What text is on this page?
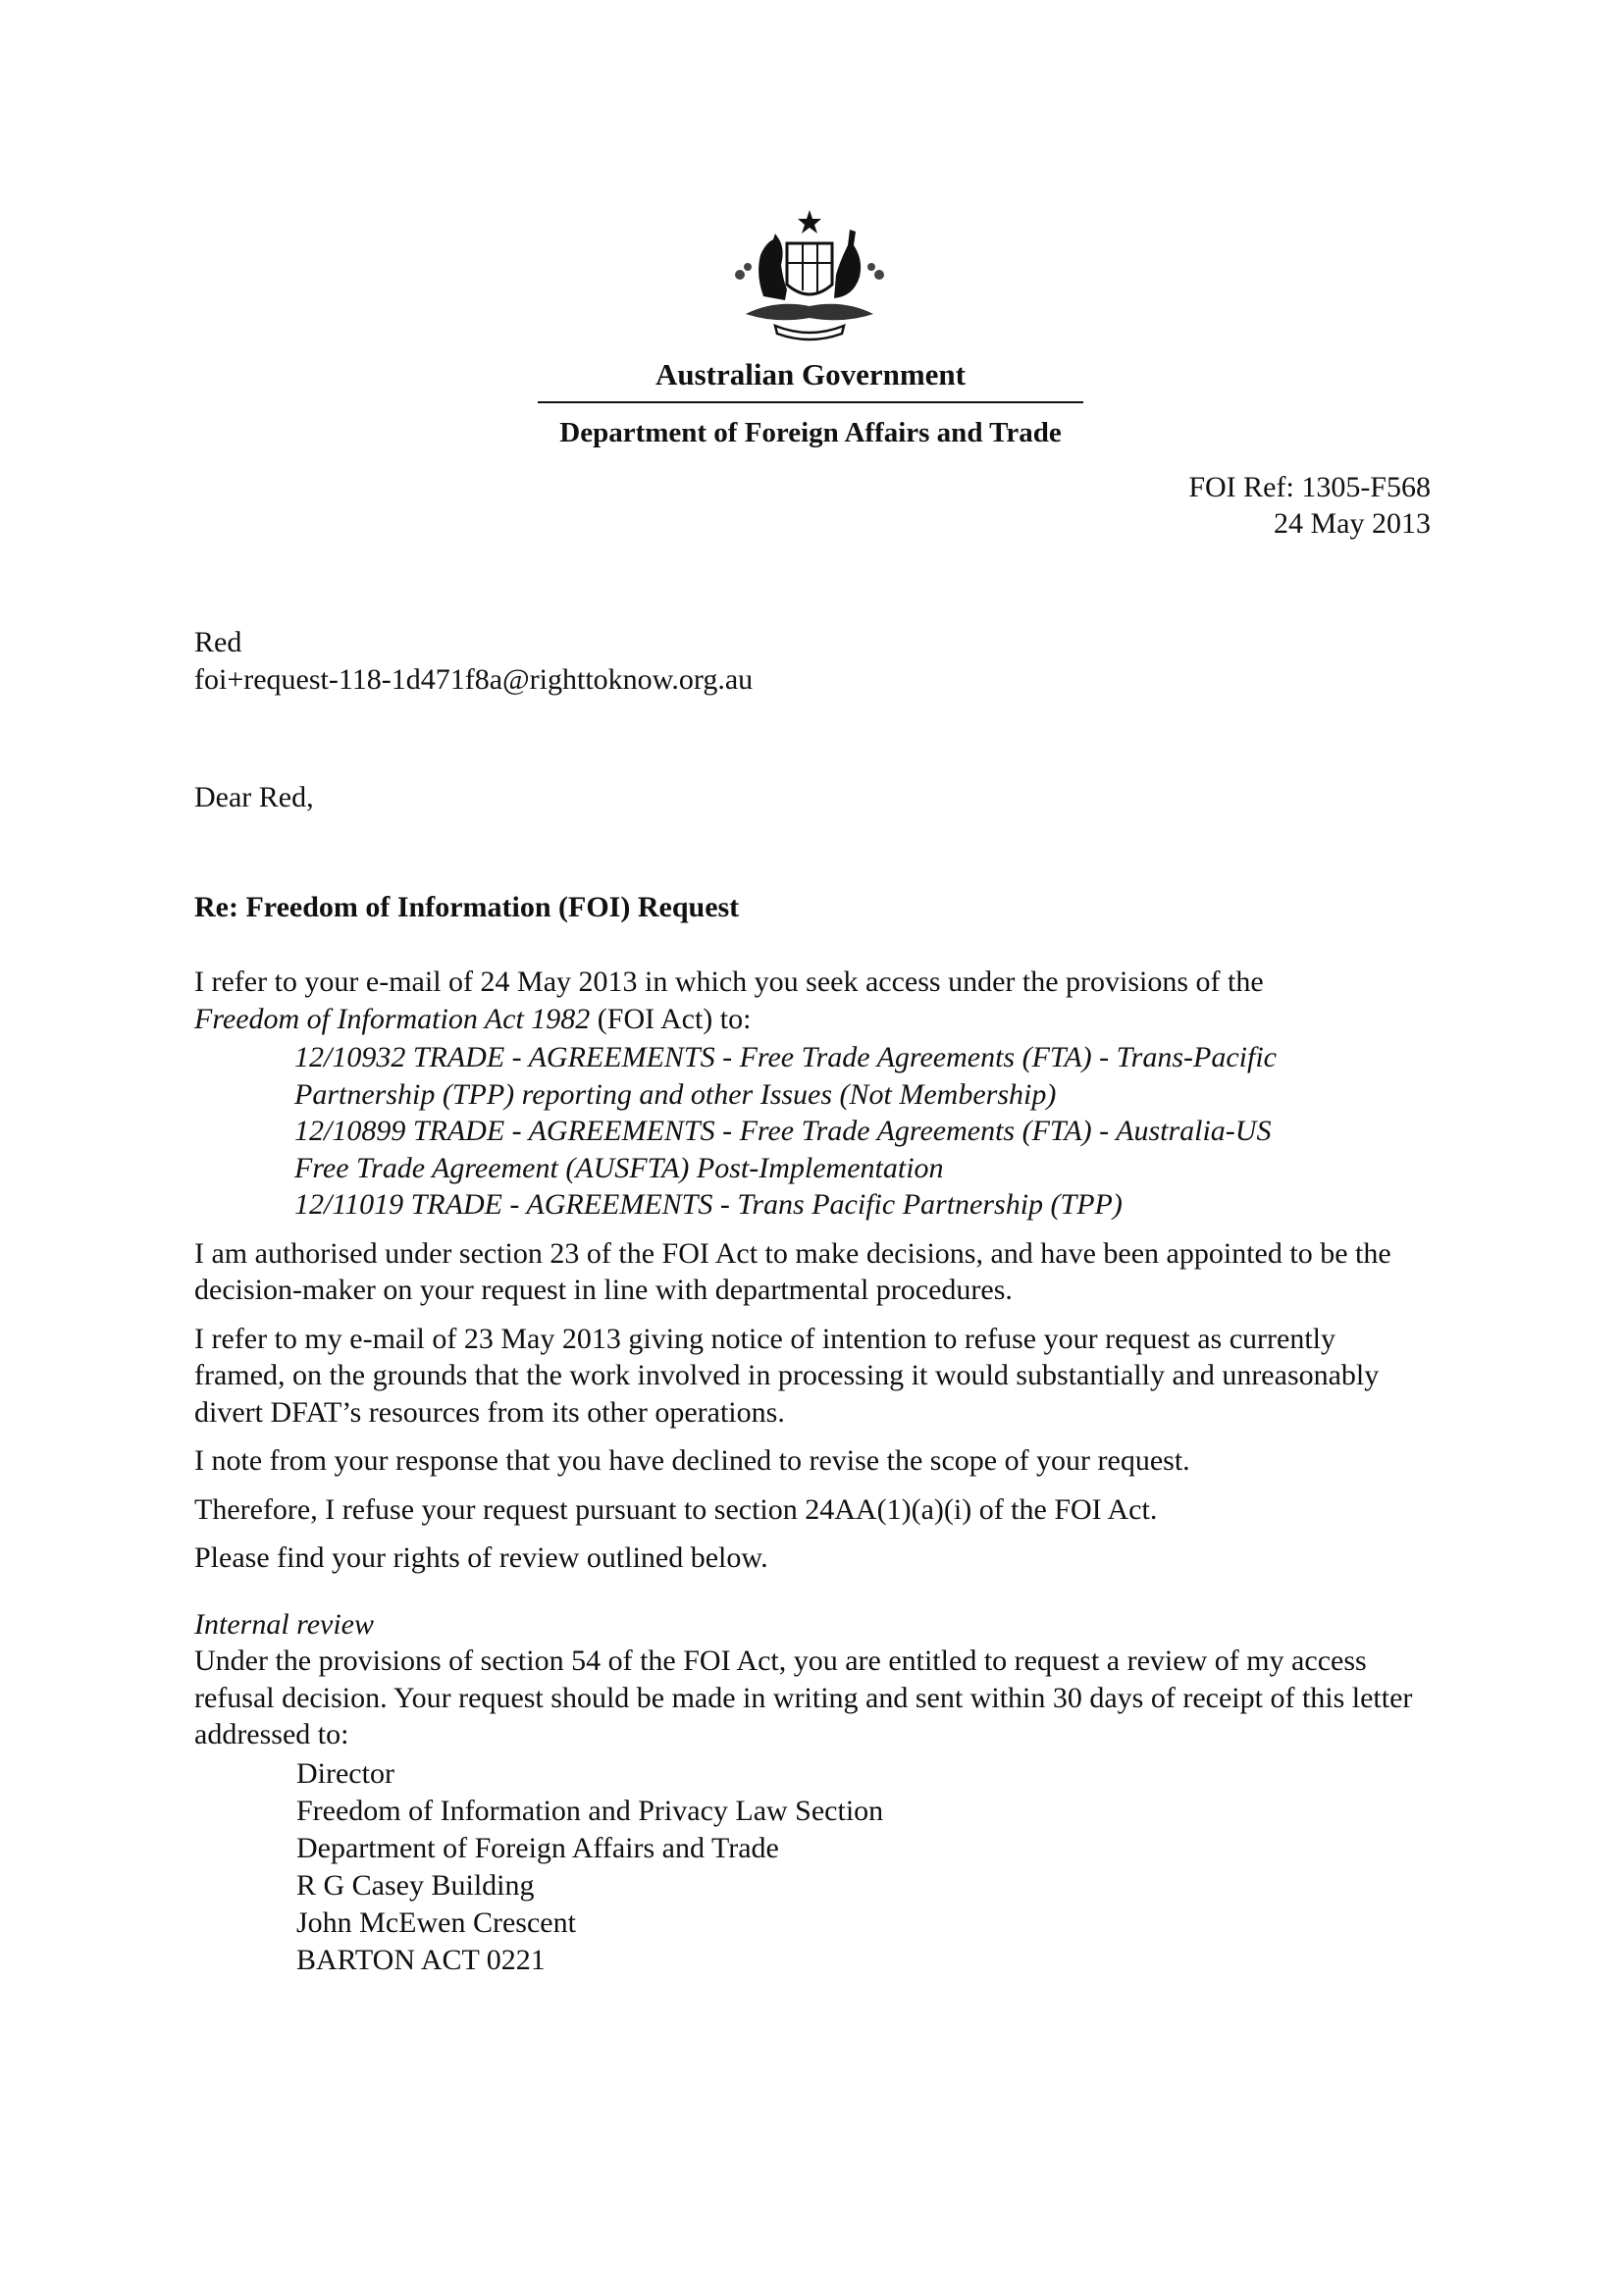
Australian Government
Department of Foreign Affairs and Trade
FOI Ref: 1305-F568
24 May 2013
Red
foi+request-118-1d471f8a@righttoknow.org.au
Dear Red,
Re: Freedom of Information (FOI) Request

I refer to your e-mail of 24 May 2013 in which you seek access under the provisions of the
Freedom of Information Act 1982 (FOI Act) to:

12/10932 TRADE - AGREEMENTS - Free Trade Agreements (FTA) - Trans-Pacific
Partnership (TPP) reporting and other Issues (Not Membership)
12/10899 TRADE - AGREEMENTS - Free Trade Agreements (FTA) - Australia-US
Free Trade Agreement (AUSFTA) Post-Implementation
12/11019 TRADE - AGREEMENTS - Trans Pacific Partnership (TPP)

I am authorised under section 23 of the FOI Act to make decisions, and have been appointed to be the decision-maker on your request in line with departmental procedures.

I refer to my e-mail of 23 May 2013 giving notice of intention to refuse your request as currently framed, on the grounds that the work involved in processing it would substantially and unreasonably divert DFAT’s resources from its other operations.

I note from your response that you have declined to revise the scope of your request.

Therefore, I refuse your request pursuant to section 24AA(1)(a)(i) of the FOI Act.

Please find your rights of review outlined below.

Internal review

Under the provisions of section 54 of the FOI Act, you are entitled to request a review of my access refusal decision. Your request should be made in writing and sent within 30 days of receipt of this letter addressed to:

Director
Freedom of Information and Privacy Law Section
Department of Foreign Affairs and Trade
R G Casey Building
John McEwen Crescent
BARTON ACT 0221
